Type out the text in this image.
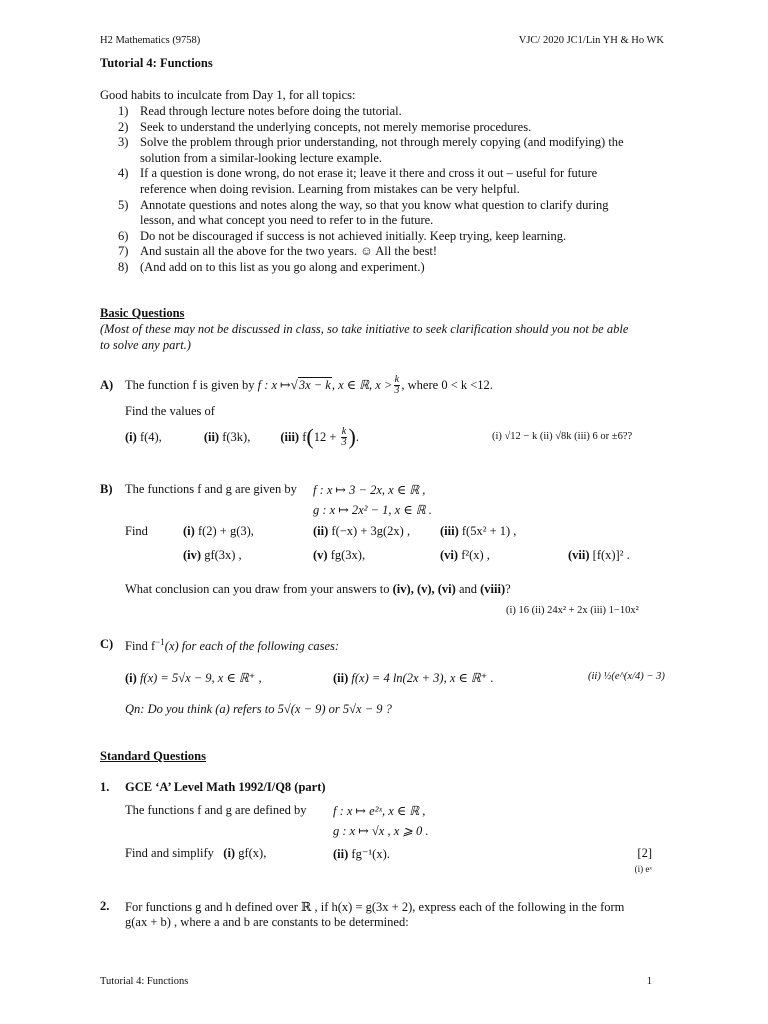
H2 Mathematics (9758)	VJC/ 2020 JC1/Lin YH & Ho WK
Tutorial 4: Functions
Good habits to inculcate from Day 1, for all topics:
1) Read through lecture notes before doing the tutorial.
2) Seek to understand the underlying concepts, not merely memorise procedures.
3) Solve the problem through prior understanding, not through merely copying (and modifying) the
solution from a similar-looking lecture example.
4) If a question is done wrong, do not erase it; leave it there and cross it out – useful for future
reference when doing revision. Learning from mistakes can be very helpful.
5) Annotate questions and notes along the way, so that you know what question to clarify during
lesson, and what concept you need to refer to in the future.
6) Do not be discouraged if success is not achieved initially. Keep trying, keep learning.
7) And sustain all the above for the two years. ☺ All the best!
8) (And add on to this list as you go along and experiment.)
Basic Questions
(Most of these may not be discussed in class, so take initiative to seek clarification should you not be able
to solve any part.)
A) The function f is given by
f : x ↦ √ 3x − k , x ∈ ℝ, $x > \frac{k}{3}$ , where 0 < k <12.
Find the values of
(i)
f(4),	(ii)
f(3k), (iii)
f ( 12 +
$\frac{k}{3}$ ) .	(i) √12 − k (ii) √8k (iii) 6 or ±6??
B) The functions f and g are given by f : x ↦ 3 − 2x, x ∈ ℝ ,
g : x ↦ 2x² − 1, x ∈ ℝ .
Find	(i) f(2) + g(3),	(ii) f(−x) + 3g(2x) , (iii) f(5x² + 1) ,
(iv) gf(3x) ,	(v) fg(3x),	(vi) f²(x) ,	(vii) [f(x)]² .
What conclusion can you draw from your answers to (iv), (v), (vi) and (viii)?
(i) 16 (ii) 24x² + 2x (iii) 1−10x²
C) Find $f^{-1}(x)$ for each of the following cases:
(i) f(x) = 5√x − 9, x ∈ ℝ⁺ ,	(ii) f(x) = 4 ln(2x + 3), x ∈ ℝ⁺ .	(ii) ½(e^(x/4) − 3)
Qn: Do you think (a) refers to 5√(x − 9) or 5√x − 9 ?
Standard Questions
1. GCE ‘A’ Level Math 1992/I/Q8 (part)
The functions f and g are defined by f : x ↦ e²ˣ, x ∈ ℝ ,
g : x ↦ √x , x ⩾ 0 .
Find and simplify (i) gf(x),	(ii) fg⁻¹(x).	[2]
(i) eˣ
2. For functions g and h defined over ℝ , if h(x) = g(3x + 2), express each of the following in the form
g(ax + b) , where a and b are constants to be determined:
Tutorial 4: Functions	1
